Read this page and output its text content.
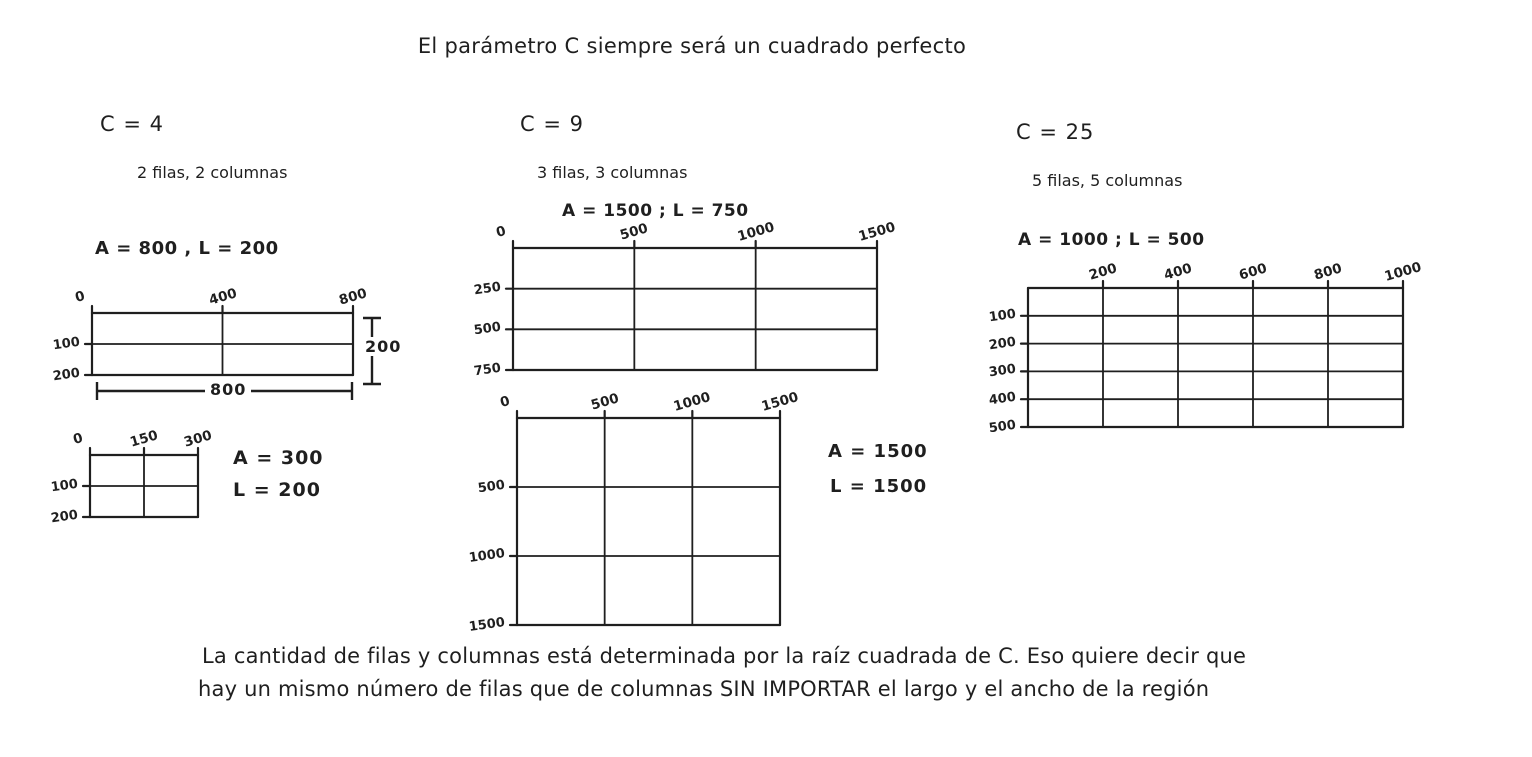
El parámetro C siempre será un cuadrado perfecto
C = 4
2 filas, 2 columnas
A = 800 , L = 200
800
200
A = 300
L = 200
C = 9
3 filas, 3 columnas
A = 1500 ; L = 750
A = 1500
L = 1500
C = 25
5 filas, 5 columnas
A = 1000 ; L = 500
0	400	800
100
200
0	150 300
100
200
0	500	1000	1500
250
500
750
0	500	1000	1500
500
1000
1500
200	400	600	800	1000
100
200
300
400
500
La cantidad de filas y columnas está determinada por la raíz cuadrada de C. Eso quiere decir que
hay un mismo número de filas que de columnas SIN IMPORTAR el largo y el ancho de la región
